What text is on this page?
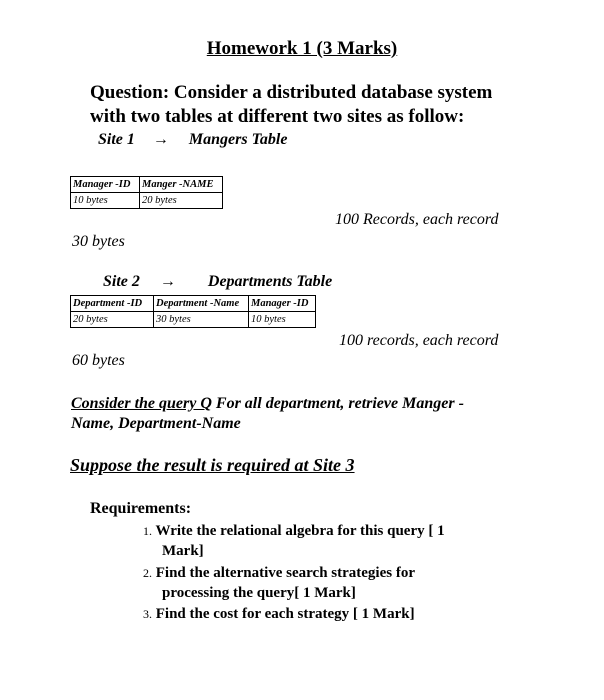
Homework 1 (3 Marks)
Question: Consider a distributed database system
with two tables at different two sites as follow:
Site 1 → Mangers Table
Manager -ID	Manger -NAME
10 bytes	20 bytes
100 Records, each record
30 bytes
Site 2 → Departments Table
Department -ID	Department -Name	Manager -ID
20 bytes	30 bytes	10 bytes
100 records, each record
60 bytes
Consider the query Q For all department, retrieve Manger -
Name, Department-Name
Suppose the result is required at Site 3
Requirements:
1. Write the relational algebra for this query [ 1
Mark]
2. Find the alternative search strategies for
processing the query[ 1 Mark]
3. Find the cost for each strategy [ 1 Mark]
